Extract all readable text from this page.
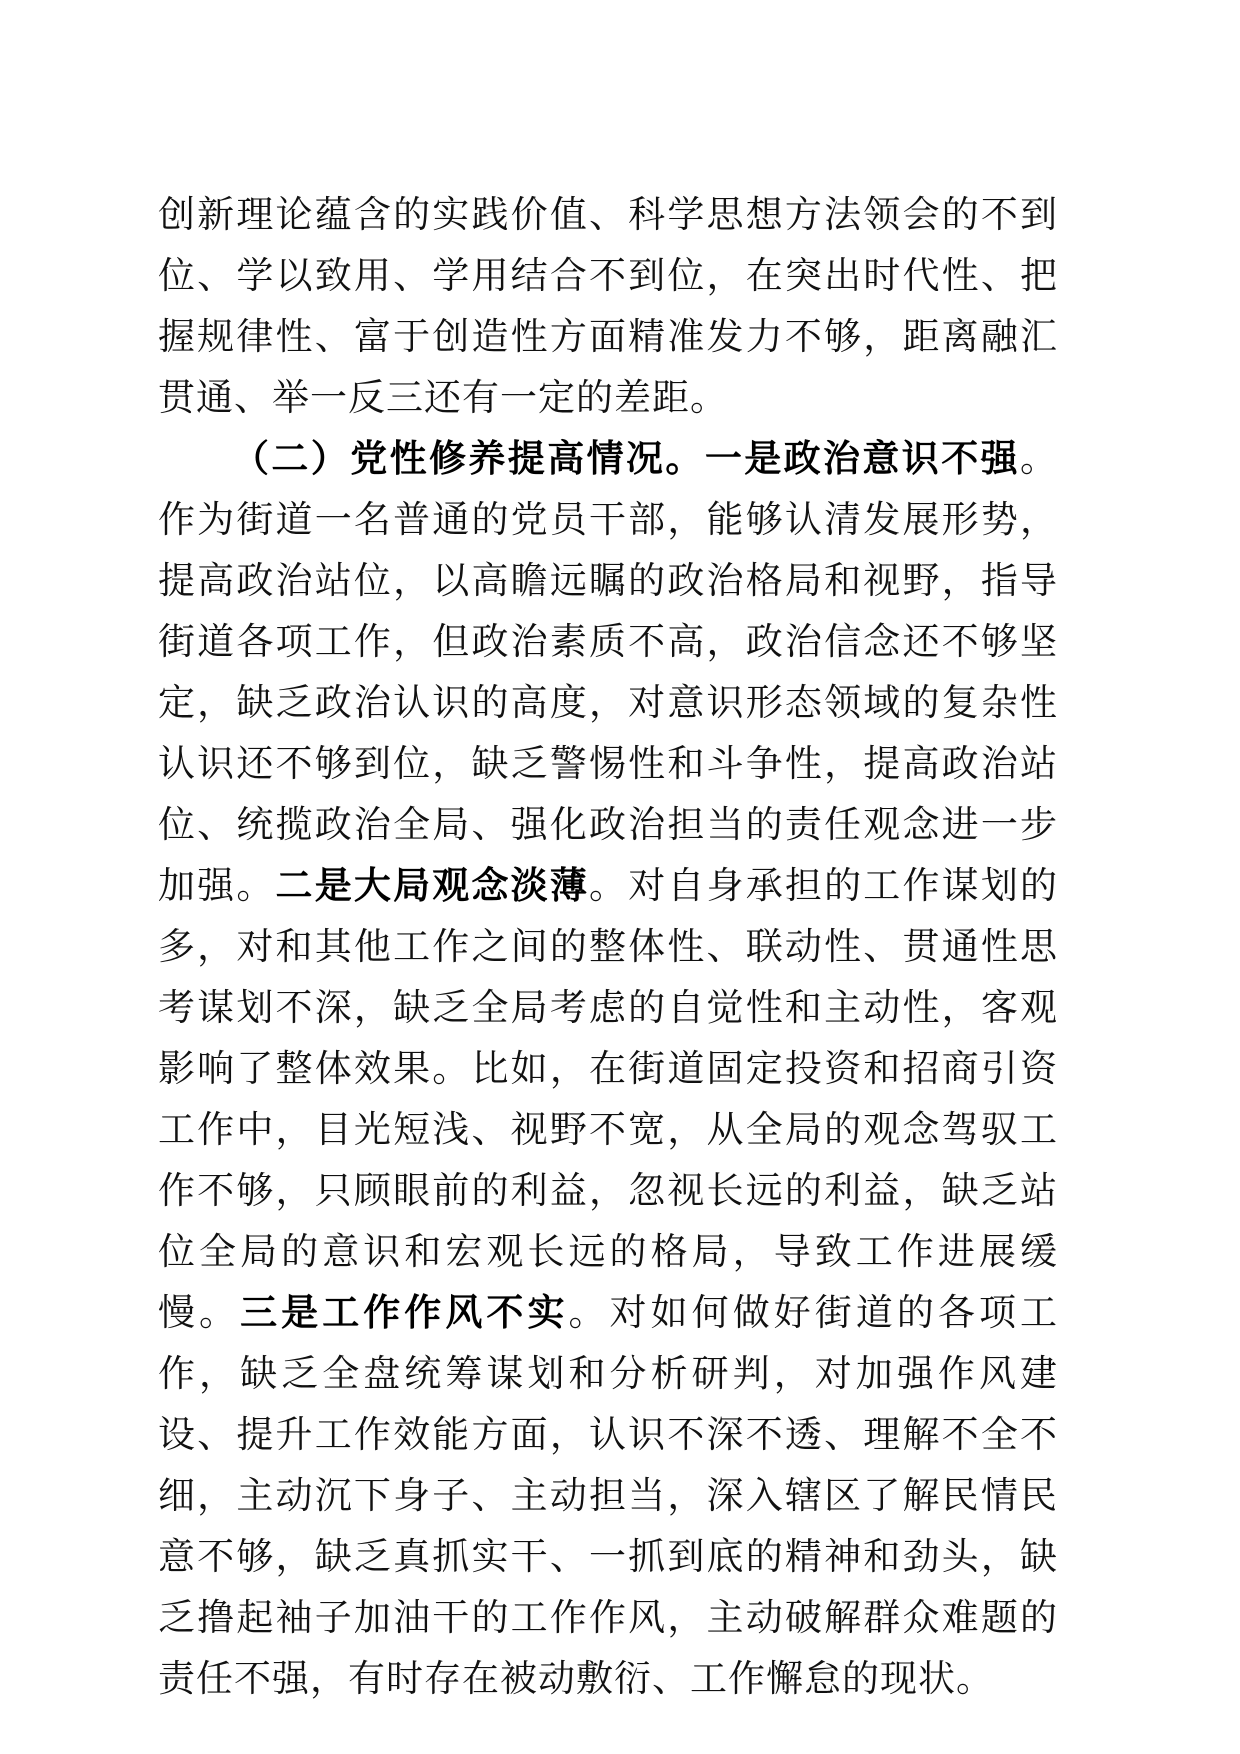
创新理论蕴含的实践价值、科学思想方法领会的不到位、学以致用、学用结合不到位，在突出时代性、把握规律性、富于创造性方面精准发力不够，距离融汇贯通、举一反三还有一定的差距。

（二）党性修养提高情况。一是政治意识不强。作为街道一名普通的党员干部，能够认清发展形势，提高政治站位，以高瞻远瞩的政治格局和视野，指导街道各项工作，但政治素质不高，政治信念还不够坚定，缺乏政治认识的高度，对意识形态领域的复杂性认识还不够到位，缺乏警惕性和斗争性，提高政治站位、统揽政治全局、强化政治担当的责任观念进一步加强。二是大局观念淡薄。对自身承担的工作谋划的多，对和其他工作之间的整体性、联动性、贯通性思考谋划不深，缺乏全局考虑的自觉性和主动性，客观影响了整体效果。比如，在街道固定投资和招商引资工作中，目光短浅、视野不宽，从全局的观念驾驭工作不够，只顾眼前的利益，忽视长远的利益，缺乏站位全局的意识和宏观长远的格局，导致工作进展缓慢。三是工作作风不实。对如何做好街道的各项工作，缺乏全盘统筹谋划和分析研判，对加强作风建设、提升工作效能方面，认识不深不透、理解不全不细，主动沉下身子、主动担当，深入辖区了解民情民意不够，缺乏真抓实干、一抓到底的精神和劲头，缺乏撸起袖子加油干的工作作风，主动破解群众难题的责任不强，有时存在被动敷衍、工作懈怠的现状。
